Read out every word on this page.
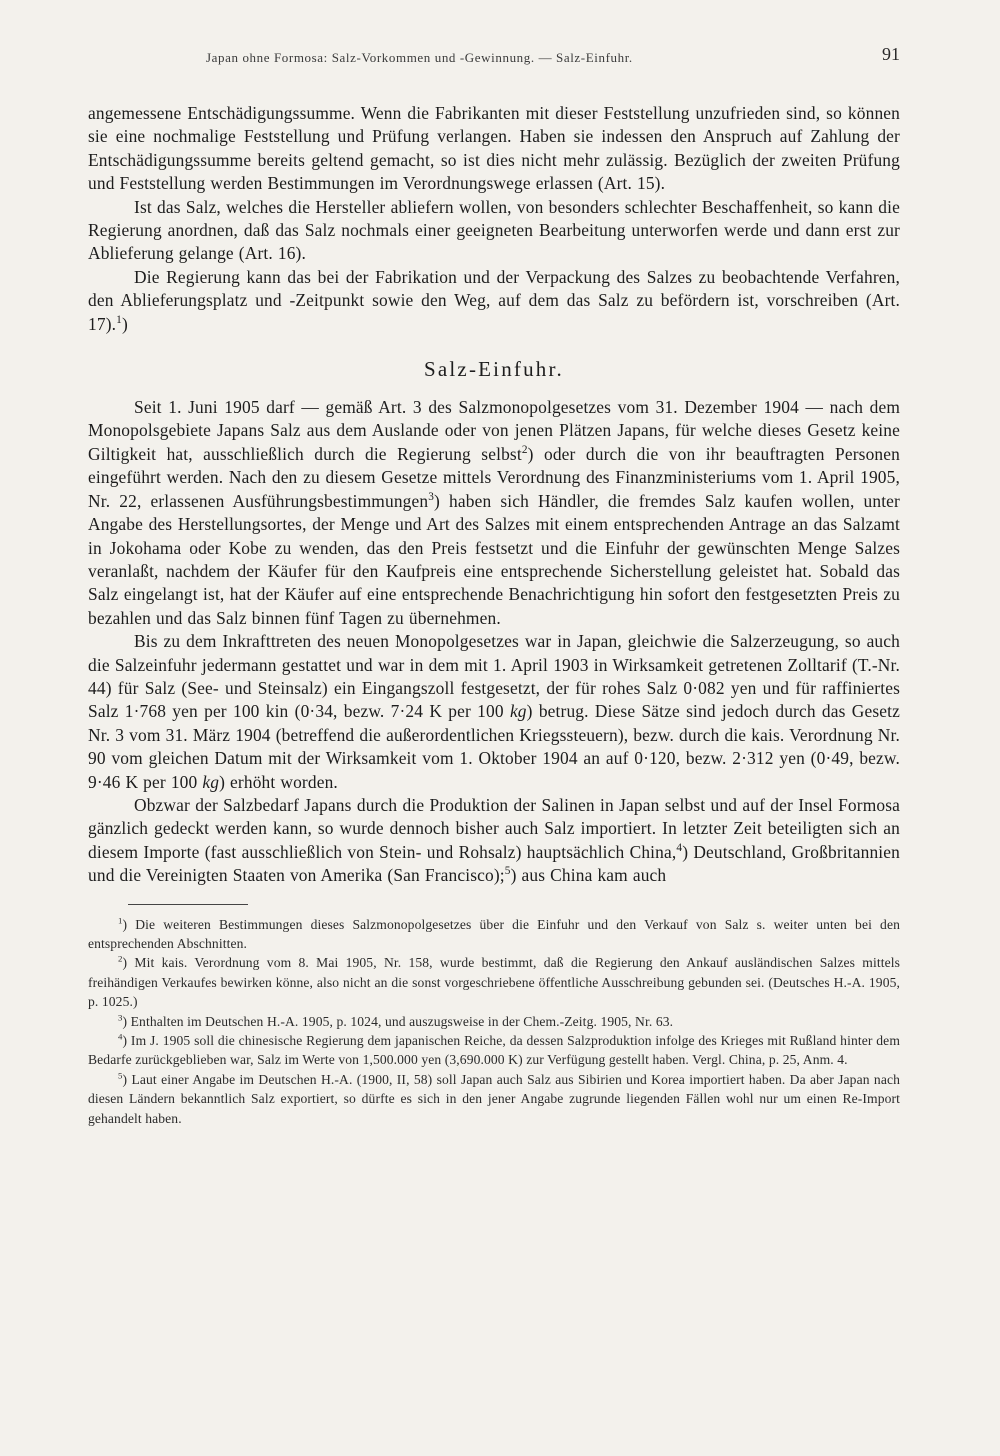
Japan ohne Formosa: Salz-Vorkommen und -Gewinnung. — Salz-Einfuhr.	91

angemessene Entschädigungssumme. Wenn die Fabrikanten mit dieser Feststellung unzufrieden sind, so können sie eine nochmalige Feststellung und Prüfung verlangen. Haben sie indessen den Anspruch auf Zahlung der Entschädigungssumme bereits geltend gemacht, so ist dies nicht mehr zulässig. Bezüglich der zweiten Prüfung und Feststellung werden Bestimmungen im Verordnungswege erlassen (Art. 15).

Ist das Salz, welches die Hersteller abliefern wollen, von besonders schlechter Beschaffenheit, so kann die Regierung anordnen, daß das Salz nochmals einer geeigneten Bearbeitung unterworfen werde und dann erst zur Ablieferung gelange (Art. 16).

Die Regierung kann das bei der Fabrikation und der Verpackung des Salzes zu beobachtende Verfahren, den Ablieferungsplatz und -Zeitpunkt sowie den Weg, auf dem das Salz zu befördern ist, vorschreiben (Art. 17).$^1$)

Salz-Einfuhr.

Seit 1. Juni 1905 darf — gemäß Art. 3 des Salzmonopolgesetzes vom 31. Dezember 1904 — nach dem Monopolsgebiete Japans Salz aus dem Auslande oder von jenen Plätzen Japans, für welche dieses Gesetz keine Giltigkeit hat, ausschließlich durch die Regierung selbst$^2$) oder durch die von ihr beauftragten Personen eingeführt werden. Nach den zu diesem Gesetze mittels Verordnung des Finanzministeriums vom 1. April 1905, Nr. 22, erlassenen Ausführungsbestimmungen$^3$) haben sich Händler, die fremdes Salz kaufen wollen, unter Angabe des Herstellungsortes, der Menge und Art des Salzes mit einem entsprechenden Antrage an das Salzamt in Jokohama oder Kobe zu wenden, das den Preis festsetzt und die Einfuhr der gewünschten Menge Salzes veranlaßt, nachdem der Käufer für den Kaufpreis eine entsprechende Sicherstellung geleistet hat. Sobald das Salz eingelangt ist, hat der Käufer auf eine entsprechende Benachrichtigung hin sofort den festgesetzten Preis zu bezahlen und das Salz binnen fünf Tagen zu übernehmen.

Bis zu dem Inkrafttreten des neuen Monopolgesetzes war in Japan, gleichwie die Salzerzeugung, so auch die Salzeinfuhr jedermann gestattet und war in dem mit 1. April 1903 in Wirksamkeit getretenen Zolltarif (T.-Nr. 44) für Salz (See- und Steinsalz) ein Eingangszoll festgesetzt, der für rohes Salz 0·082 yen und für raffiniertes Salz 1·768 yen per 100 kin (0·34, bezw. 7·24 K per 100 kg) betrug. Diese Sätze sind jedoch durch das Gesetz Nr. 3 vom 31. März 1904 (betreffend die außerordentlichen Kriegssteuern), bezw. durch die kais. Verordnung Nr. 90 vom gleichen Datum mit der Wirksamkeit vom 1. Oktober 1904 an auf 0·120, bezw. 2·312 yen (0·49, bezw. 9·46 K per 100 kg) erhöht worden.

Obzwar der Salzbedarf Japans durch die Produktion der Salinen in Japan selbst und auf der Insel Formosa gänzlich gedeckt werden kann, so wurde dennoch bisher auch Salz importiert. In letzter Zeit beteiligten sich an diesem Importe (fast ausschließlich von Stein- und Rohsalz) hauptsächlich China,$^4$) Deutschland, Großbritannien und die Vereinigten Staaten von Amerika (San Francisco);$^5$) aus China kam auch

$^1$) Die weiteren Bestimmungen dieses Salzmonopolgesetzes über die Einfuhr und den Verkauf von Salz s. weiter unten bei den entsprechenden Abschnitten.

$^2$) Mit kais. Verordnung vom 8. Mai 1905, Nr. 158, wurde bestimmt, daß die Regierung den Ankauf ausländischen Salzes mittels freihändigen Verkaufes bewirken könne, also nicht an die sonst vorgeschriebene öffentliche Ausschreibung gebunden sei. (Deutsches H.-A. 1905, p. 1025.)

$^3$) Enthalten im Deutschen H.-A. 1905, p. 1024, und auszugsweise in der Chem.-Zeitg. 1905, Nr. 63.

$^4$) Im J. 1905 soll die chinesische Regierung dem japanischen Reiche, da dessen Salzproduktion infolge des Krieges mit Rußland hinter dem Bedarfe zurückgeblieben war, Salz im Werte von 1,500.000 yen (3,690.000 K) zur Verfügung gestellt haben. Vergl. China, p. 25, Anm. 4.

$^5$) Laut einer Angabe im Deutschen H.-A. (1900, II, 58) soll Japan auch Salz aus Sibirien und Korea importiert haben. Da aber Japan nach diesen Ländern bekanntlich Salz exportiert, so dürfte es sich in den jener Angabe zugrunde liegenden Fällen wohl nur um einen Re-Import gehandelt haben.
